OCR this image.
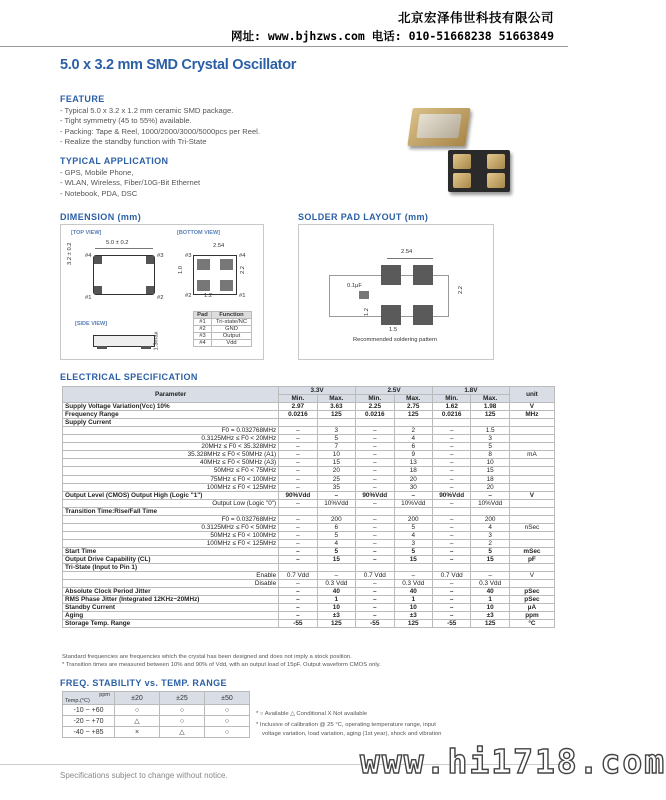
北京宏泽伟世科技有限公司
网址: www.bjhzws.com 电话: 010-51668238 51663849
5.0 x 3.2 mm SMD Crystal Oscillator
FEATURE
- Typical 5.0 x 3.2 x 1.2 mm ceramic SMD package.
- Tight symmetry (45 to 55%) available.
- Packing: Tape & Reel, 1000/2000/3000/5000pcs per Reel.
- Realize the standby function with Tri-State
TYPICAL APPLICATION
- GPS, Mobile Phone,
- WLAN, Wireless, Fiber/10G-Bit Ethernet
- Notebook, PDA, DSC
DIMENSION (mm)
[TOP VIEW]	[BOTTOM VIEW]
[SIDE VIEW]
5.0 ± 0.2
3.2 ± 0.2 #4	#3
#1	#2
2.54
1.0	2.2
#3	#4
#2	#1
1.2
1.3max
Pad	Function
#1	Tri-state/NC
#2	GND
#3	Output
#4	Vdd
SOLDER PAD LAYOUT (mm)
2.54
0.1µF	2.2
1.2
1.5
Recommended soldering pattern
ELECTRICAL SPECIFICATION
Parameter	3.3V		2.5V		1.8V		unit
	Min.	Max.	Min.	Max.	Min.	Max.	
Supply Voltage Variation(Vcc) 10%	2.97	3.63	2.25	2.75	1.62	1.98	V
Frequency Range	0.0216	125	0.0216	125	0.0216	125	MHz
Supply Current							
F0 = 0.032768MHz	–	3	–	2	–	1.5	
0.3125MHz ≤ F0 < 20MHz	–	5	–	4	–	3	
20MHz ≤ F0 < 35.328MHz	–	7	–	6	–	5	
35.328MHz ≤ F0 < 50MHz (A1)	–	10	–	9	–	8	mA
40MHz ≤ F0 < 50MHz (A3)	–	15	–	13	–	10	
50MHz ≤ F0 < 75MHz	–	20	–	18	–	15	
75MHz ≤ F0 < 100MHz	–	25	–	20	–	18	
100MHz ≤ F0 < 125MHz	–	35	–	30	–	20	
Output Level (CMOS) Output High (Logic "1")	90%Vdd	–	90%Vdd	–	90%Vdd	–	V
Output Low (Logic "0")	–	10%Vdd	–	10%Vdd	–	10%Vdd	
Transition Time:Rise/Fall Time							
F0 = 0.032768MHz	–	200	–	200	–	200	
0.3125MHz ≤ F0 < 50MHz	–	6	–	5	–	4	nSec
50MHz ≤ F0 < 100MHz	–	5	–	4	–	3	
100MHz ≤ F0 < 125MHz	–	4	–	3	–	2	
Start Time	–	5	–	5	–	5	mSec
Output Drive Capability (CL)	–	15	–	15	–	15	pF
Tri-State (Input to Pin 1)							
Enable	0.7 Vdd	–	0.7 Vdd	–	0.7 Vdd	–	V
Disable	–	0.3 Vdd	–	0.3 Vdd	–	0.3 Vdd	
Absolute Clock Period Jitter	–	40	–	40	–	40	pSec
RMS Phase Jitter (Integrated 12KHz~20MHz)	–	1	–	1	–	1	pSec
Standby Current	–	10	–	10	–	10	µA
Aging	–	±3	–	±3	–	±3	ppm
Storage Temp. Range	-55	125	-55	125	-55	125	°C
Standard frequencies are frequencies which the crystal has been designed and does not imply a stock position.
* Transition times are measured between 10% and 90% of Vdd, with an output load of 15pF. Output waveform CMOS only.
FREQ. STABILITY vs. TEMP. RANGE
ppm
Temp.(°C)	±20	±25	±50
-10 ~ +60	○	○	○
-20 ~ +70	△	○	○
-40 ~ +85	×	△	○
* ○ Available △ Conditional X Not available
* Inclusive of calibration @ 25 °C, operating temperature range, input
voltage variation, load variation, aging (1st year), shock and vibration
Specifications subject to change without notice.	www.hi1718.com
